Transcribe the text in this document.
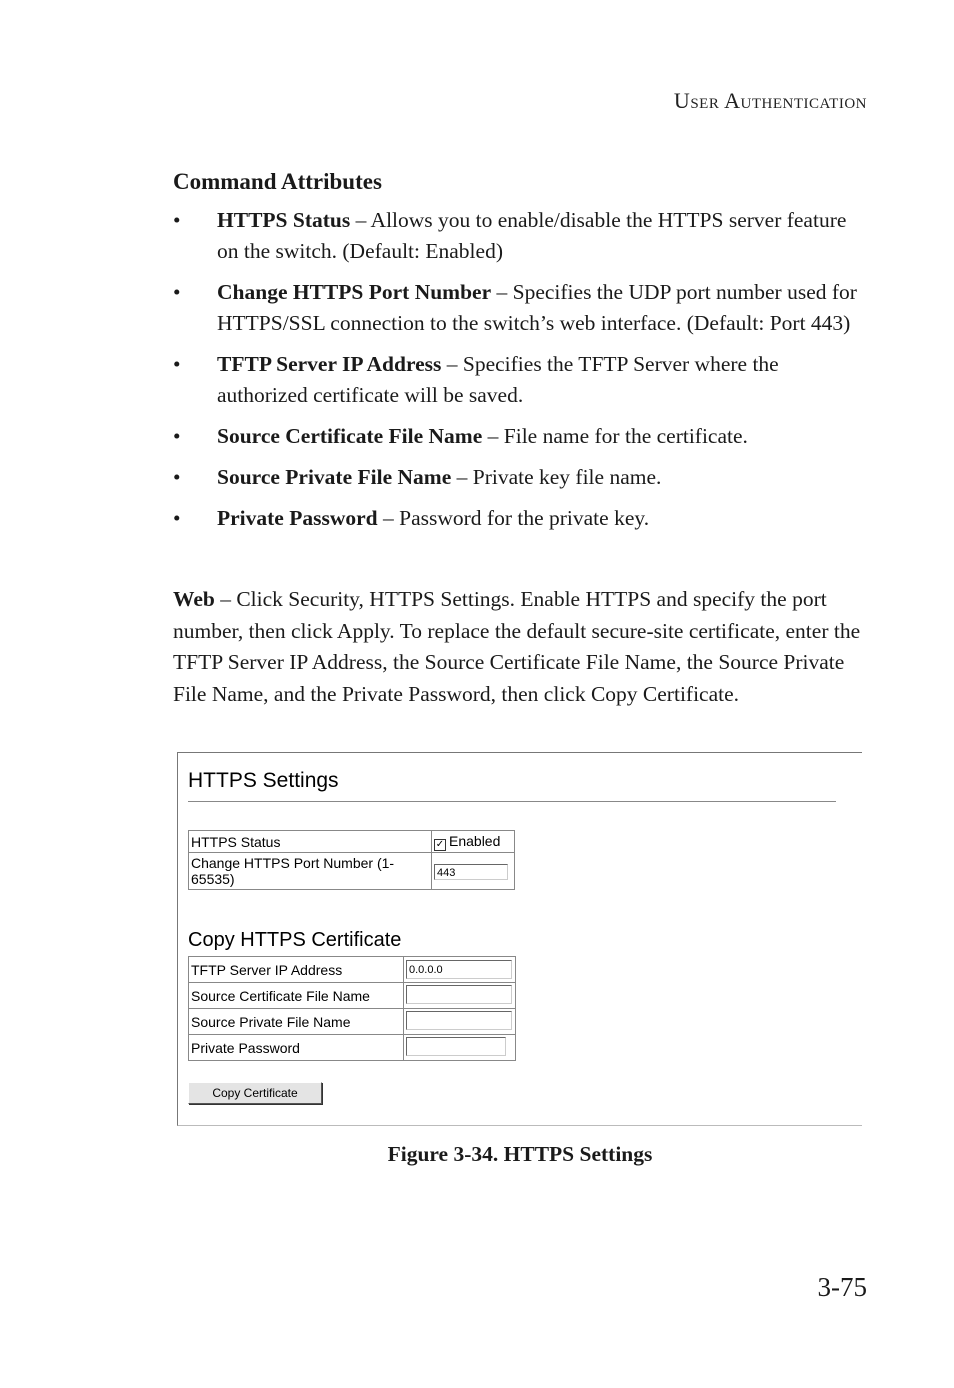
USER AUTHENTICATION
Command Attributes
• HTTPS Status – Allows you to enable/disable the HTTPS server feature on the switch. (Default: Enabled)
• Change HTTPS Port Number – Specifies the UDP port number used for HTTPS/SSL connection to the switch’s web interface. (Default: Port 443)
• TFTP Server IP Address – Specifies the TFTP Server where the authorized certificate will be saved.
• Source Certificate File Name – File name for the certificate.
• Source Private File Name – Private key file name.
• Private Password – Password for the private key.

Web – Click Security, HTTPS Settings. Enable HTTPS and specify the port number, then click Apply. To replace the default secure-site certificate, enter the TFTP Server IP Address, the Source Certificate File Name, the Source Private File Name, and the Private Password, then click Copy Certificate.

HTTPS Settings
HTTPS Status	✓ Enabled
Change HTTPS Port Number (1-65535)	443
Copy HTTPS Certificate
TFTP Server IP Address	0.0.0.0
Source Certificate File Name	
Source Private File Name	
Private Password	
Copy Certificate
Figure 3-34. HTTPS Settings
3-75
